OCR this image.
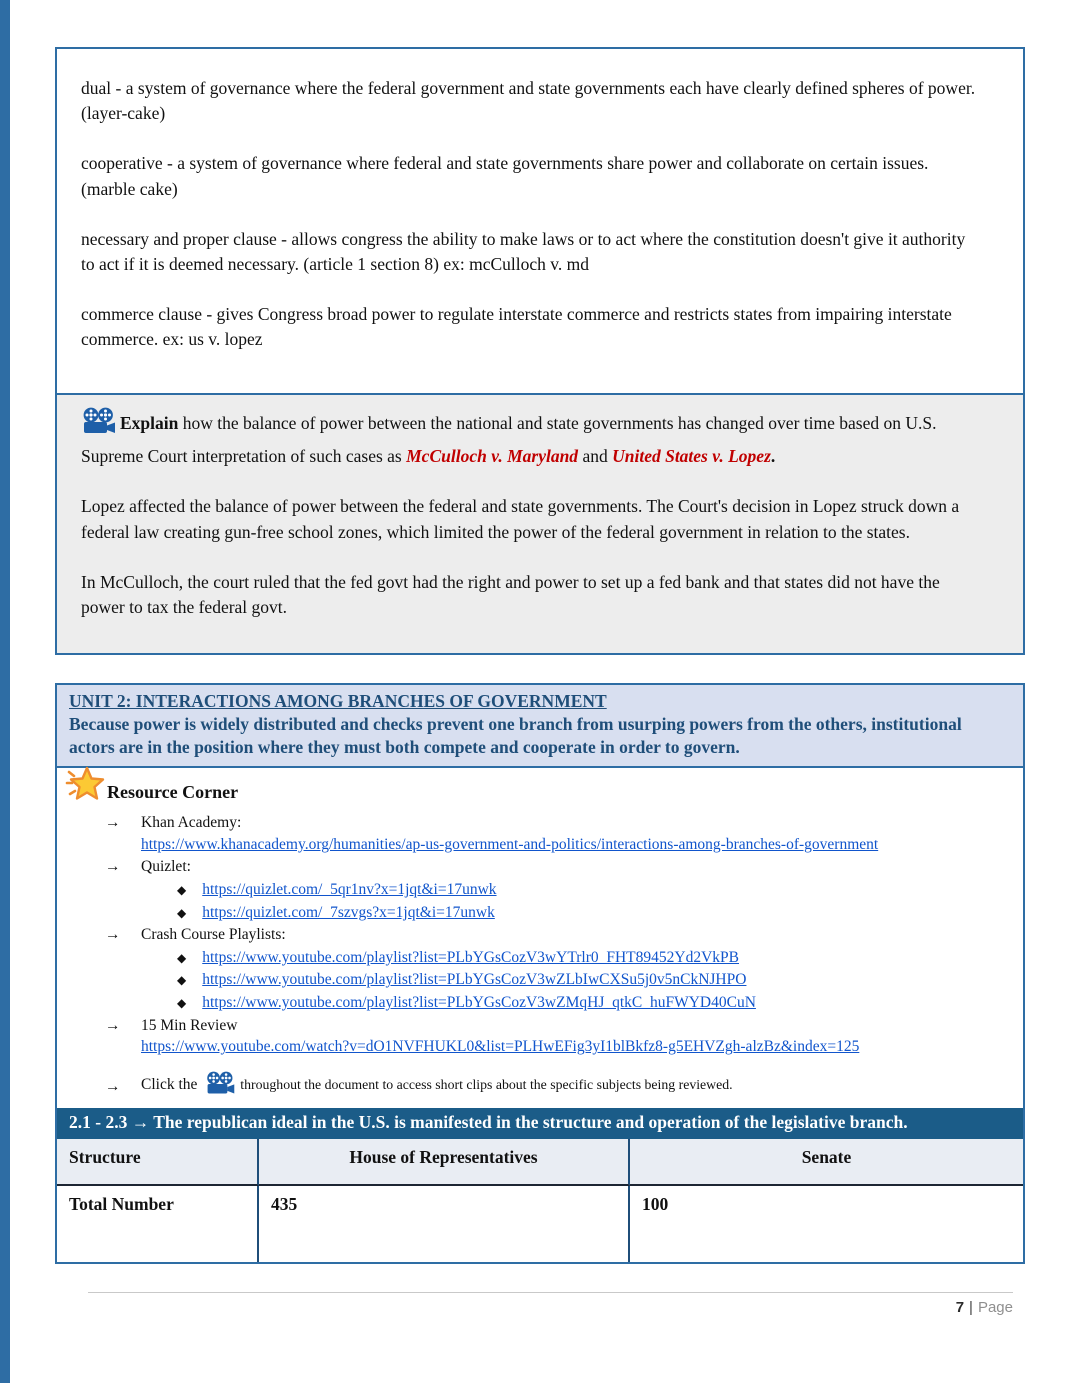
dual - a system of governance where the federal government and state governments each have clearly defined spheres of power. (layer-cake)

cooperative - a system of governance where federal and state governments share power and collaborate on certain issues. (marble cake)

necessary and proper clause - allows congress the ability to make laws or to act where the constitution doesn't give it authority to act if it is deemed necessary. (article 1 section 8) ex: mcCulloch v. md

commerce clause - gives Congress broad power to regulate interstate commerce and restricts states from impairing interstate commerce. ex: us v. lopez

Explain how the balance of power between the national and state governments has changed over time based on U.S. Supreme Court interpretation of such cases as McCulloch v. Maryland and United States v. Lopez.

Lopez affected the balance of power between the federal and state governments. The Court's decision in Lopez struck down a federal law creating gun-free school zones, which limited the power of the federal government in relation to the states.

In McCulloch, the court ruled that the fed govt had the right and power to set up a fed bank and that states did not have the power to tax the federal govt.

UNIT 2: INTERACTIONS AMONG BRANCHES OF GOVERNMENT
Because power is widely distributed and checks prevent one branch from usurping powers from the others, institutional actors are in the position where they must both compete and cooperate in order to govern.
Resource Corner
→ Khan Academy:
https://www.khanacademy.org/humanities/ap-us-government-and-politics/interactions-among-branches-of-government
→ Quizlet:
◆ https://quizlet.com/_5qr1nv?x=1jqt&i=17unwk
◆ https://quizlet.com/_7szvgs?x=1jqt&i=17unwk
→ Crash Course Playlists:
◆ https://www.youtube.com/playlist?list=PLbYGsCozV3wYTrlr0_FHT89452Yd2VkPB
◆ https://www.youtube.com/playlist?list=PLbYGsCozV3wZLbIwCXSu5j0v5nCkNJHPO
◆ https://www.youtube.com/playlist?list=PLbYGsCozV3wZMqHJ_qtkC_huFWYD40CuN
→ 15 Min Review
https://www.youtube.com/watch?v=dO1NVFHUKL0&list=PLHwEFig3yI1blBkfz8-g5EHVZgh-alzBz&index=125
→ Click the	throughout the document to access short clips about the specific subjects being reviewed.
2.1 - 2.3 → The republican ideal in the U.S. is manifested in the structure and operation of the legislative branch.
Structure	House of Representatives	Senate
Total Number	435	100
7 | Page
